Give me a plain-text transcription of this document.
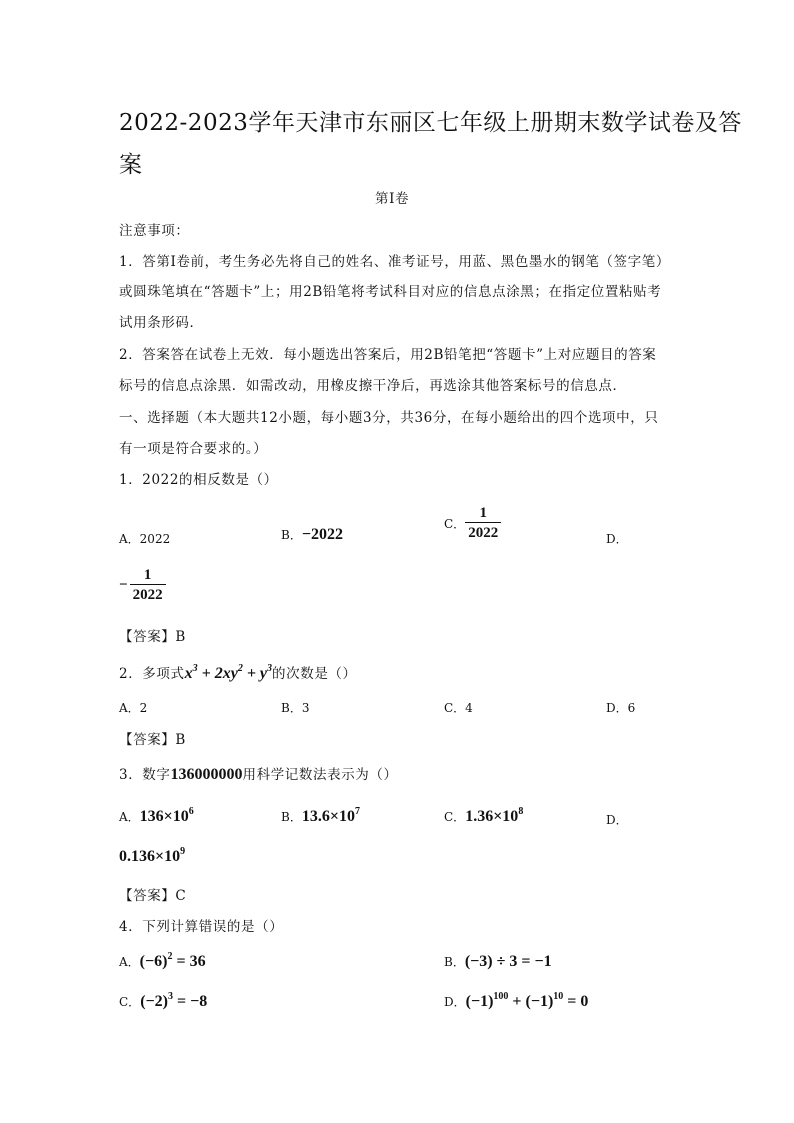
2022-2023学年天津市东丽区七年级上册期末数学试卷及答
案
第Ⅰ卷
注意事项：
1．答第Ⅰ卷前，考生务必先将自己的姓名、准考证号，用蓝、黑色墨水的钢笔（签字笔）
或圆珠笔填在“答题卡”上；用2B铅笔将考试科目对应的信息点涂黑；在指定位置粘贴考
试用条形码．
2．答案答在试卷上无效．每小题选出答案后，用2B铅笔把“答题卡”上对应题目的答案
标号的信息点涂黑．如需改动，用橡皮擦干净后，再选涂其他答案标号的信息点．
一、选择题（本大题共12小题，每小题3分，共36分，在每小题给出的四个选项中，只
有一项是符合要求的。）
1．2022的相反数是（）
A．2022	B．−2022
C． $\frac{1}{2022}$	D．
− $\frac{1}{2022}$
【答案】B
2．多项式$x^3 + 2xy^2 + y^3$的次数是（）
A．2	B．3	C．4	D．6
【答案】B
3．数字136000000用科学记数法表示为（）
A．$136\times 10^6$	B．$13.6\times 10^7$	C．$1.36\times 10^8$
D．
$0.136\times 10^9$
【答案】C
4．下列计算错误的是（）
A．$(-6)^2 = 36$	B．(−3) ÷ 3 = −1
C．$(-2)^3 = -8$	D．$(-1)^{100} + (-1)^{10} = 0$
